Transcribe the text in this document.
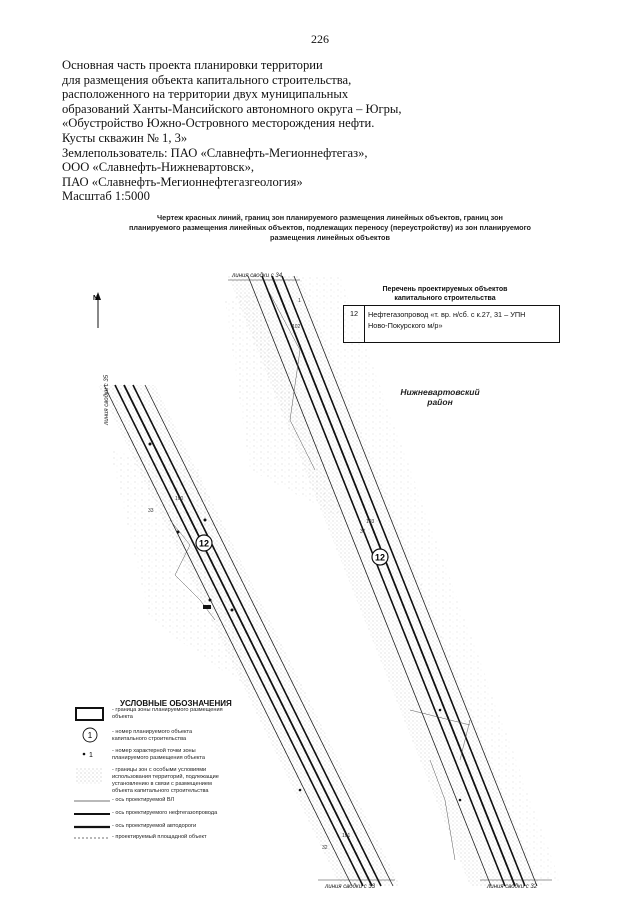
226
Основная часть проекта планировки территории
для размещения объекта капитального строительства,
расположенного на территории двух муниципальных
образований Ханты-Мансийского автономного округа – Югры,
«Обустройство Южно-Островного месторождения нефти.
Кусты скважин № 1, 3»
Землепользователь: ПАО «Славнефть-Мегионнефтегаз»,
ООО «Славнефть-Нижневартовск»,
ПАО «Славнефть-Мегионнефтегазгеология»
Масштаб 1:5000
Чертеж красных линий, границ зон планируемого размещения линейных объектов, границ зон
планируемого размещения линейных объектов, подлежащих переносу (переустройству) из зон планируемого
размещения линейных объектов
N
линия сводки с 34
линия сводки с 35
линия сводки с 33	линия сводки с 32
12
12
1
102
100
33
31
103
101
32
1
1
Перечень проектируемых объектов
капитального строительства
12	Нефтегазопровод «т. вр. н/сб. с к.27, 31 – УПН
Ново-Покурского м/р»
Нижневартовский
район
УСЛОВНЫЕ ОБОЗНАЧЕНИЯ
- граница зоны планируемого размещения
объекта
- номер планируемого объекта
капитального строительства
- номер характерной точки зоны
планируемого размещения объекта
- границы зон с особыми условиями
использования территорий, подлежащие
установлению в связи с размещением
объекта капитального строительства
- ось проектируемой ВЛ
- ось проектируемого нефтегазопровода
- ось проектируемой автодороги
- проектируемый площадной объект
